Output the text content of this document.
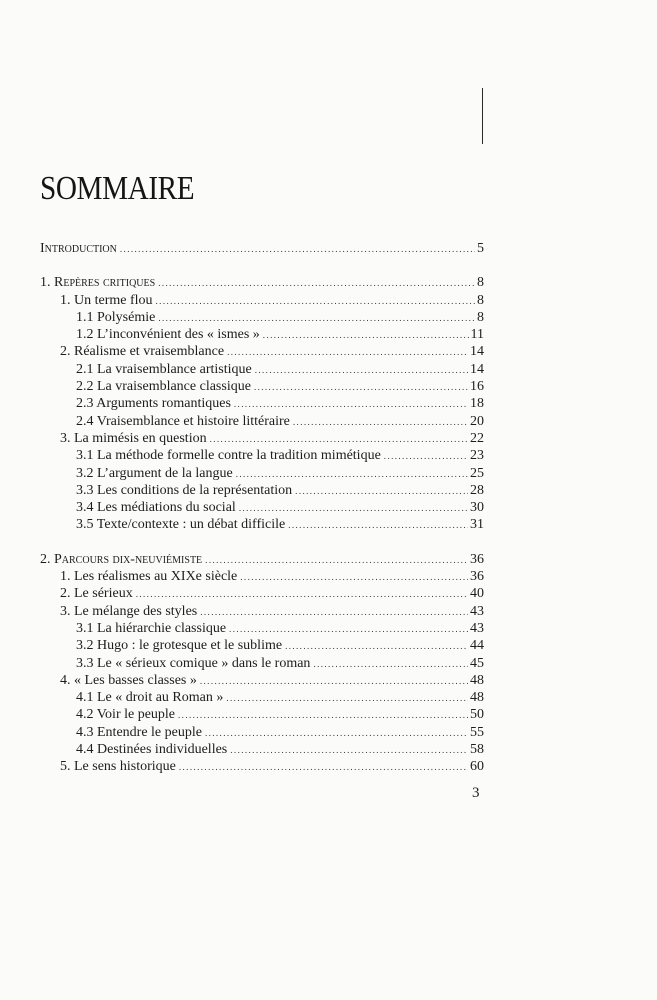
SOMMAIRE
Introduction .....	5
1. Repères critiques .....	8
1. Un terme flou .....	8
1.1 Polysémie .....	8
1.2 L’inconvénient des « ismes » .....	11
2. Réalisme et vraisemblance .....	14
2.1 La vraisemblance artistique .....	14
2.2 La vraisemblance classique .....	16
2.3 Arguments romantiques .....	18
2.4 Vraisemblance et histoire littéraire .....	20
3. La mimésis en question .....	22
3.1 La méthode formelle contre la tradition mimétique .....	23
3.2 L’argument de la langue .....	25
3.3 Les conditions de la représentation .....	28
3.4 Les médiations du social .....	30
3.5 Texte/contexte : un débat difficile .....	31
2. Parcours dix-neuviémiste .....	36
1. Les réalismes au XIXe siècle .....	36
2. Le sérieux .....	40
3. Le mélange des styles .....	43
3.1 La hiérarchie classique .....	43
3.2 Hugo : le grotesque et le sublime .....	44
3.3 Le « sérieux comique » dans le roman .....	45
4. « Les basses classes » .....	48
4.1 Le « droit au Roman » .....	48
4.2 Voir le peuple .....	50
4.3 Entendre le peuple .....	55
4.4 Destinées individuelles .....	58
5. Le sens historique .....	60
3
